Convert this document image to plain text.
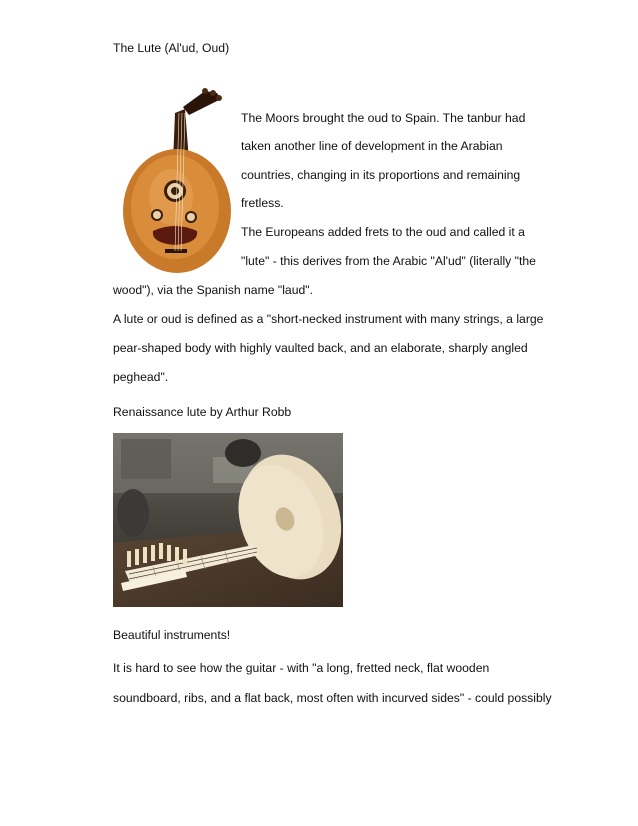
The Lute (Al'ud, Oud)
The Moors brought the oud to Spain. The tanbur had
taken another line of development in the Arabian
countries, changing in its proportions and remaining
fretless.
The Europeans added frets to the oud and called it a
"lute" - this derives from the Arabic "Al'ud" (literally "the
wood"), via the Spanish name "laud".
A lute or oud is defined as a "short-necked instrument with many strings, a large
pear-shaped body with highly vaulted back, and an elaborate, sharply angled
peghead".
Renaissance lute by Arthur Robb
Beautiful instruments!
It is hard to see how the guitar - with "a long, fretted neck, flat wooden
soundboard, ribs, and a flat back, most often with incurved sides" - could possibly
